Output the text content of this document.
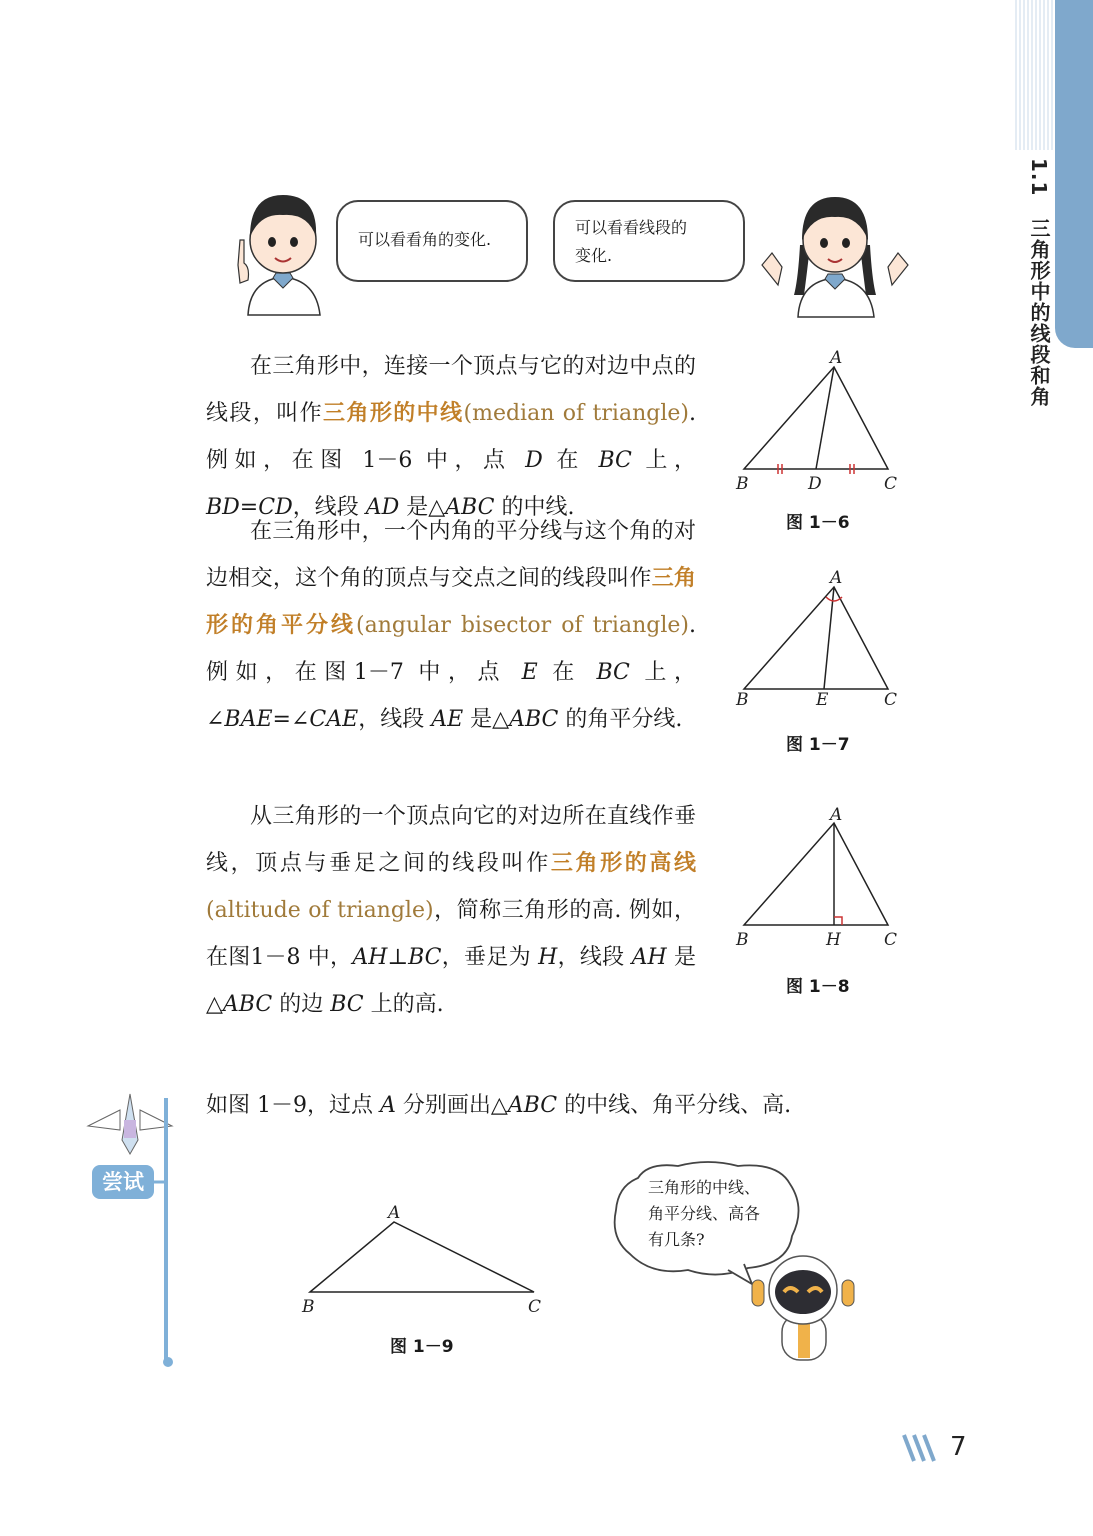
1.1 三角形中的线段和角
可以看看角的变化.
可以看看线段的
变化.
在三角形中，连接一个顶点与它的对边中点的线段，叫作三角形的中线(median of triangle). 例如，在图 1－6 中，点 D 在 BC 上，BD=CD，线段 AD 是△ABC 的中线.
在三角形中，一个内角的平分线与这个角的对边相交，这个角的顶点与交点之间的线段叫作三角形的角平分线(angular bisector of triangle). 例如，在图1－7 中，点 E 在 BC 上，∠BAE=∠CAE，线段 AE 是△ABC 的角平分线.
从三角形的一个顶点向它的对边所在直线作垂线，顶点与垂足之间的线段叫作三角形的高线(altitude of triangle)，简称三角形的高. 例如，在图1－8 中，AH⊥BC，垂足为 H，线段 AH 是△ABC 的边 BC 上的高.
A
B	C
D
图 1－6
A
B	C
E
图 1－7
A
B	C
H
图 1－8
尝试
如图 1－9，过点 A 分别画出△ABC 的中线、角平分线、高.
A
B	C
图 1－9
三角形的中线、
角平分线、高各
有几条?
7
